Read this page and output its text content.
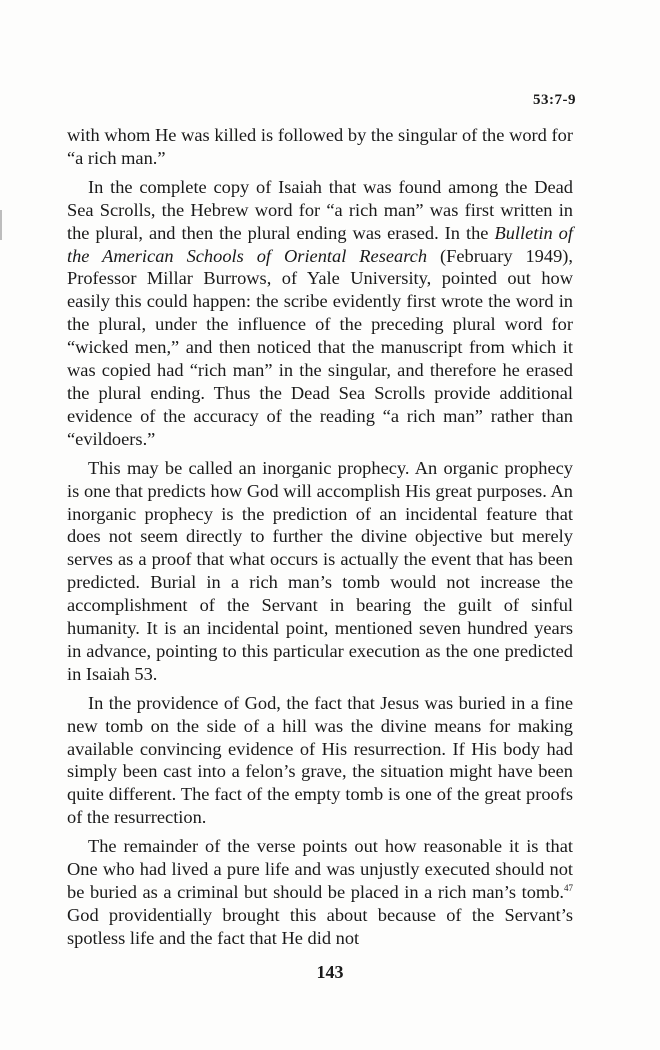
53:7-9

with whom He was killed is followed by the singular of the word for “a rich man.”

In the complete copy of Isaiah that was found among the Dead Sea Scrolls, the Hebrew word for “a rich man” was first written in the plural, and then the plural ending was erased. In the Bulletin of the American Schools of Oriental Research (February 1949), Professor Millar Burrows, of Yale University, pointed out how easily this could happen: the scribe evidently first wrote the word in the plural, under the influence of the preceding plural word for “wicked men,” and then noticed that the manuscript from which it was copied had “rich man” in the singular, and therefore he erased the plural ending. Thus the Dead Sea Scrolls provide additional evidence of the accuracy of the reading “a rich man” rather than “evildoers.”

This may be called an inorganic prophecy. An organic prophecy is one that predicts how God will accomplish His great purposes. An inorganic prophecy is the prediction of an incidental feature that does not seem directly to further the divine objective but merely serves as a proof that what occurs is actually the event that has been predicted. Burial in a rich man’s tomb would not increase the accomplishment of the Servant in bearing the guilt of sinful humanity. It is an incidental point, mentioned seven hundred years in advance, pointing to this particular execution as the one predicted in Isaiah 53.

In the providence of God, the fact that Jesus was buried in a fine new tomb on the side of a hill was the divine means for making available convincing evidence of His resurrection. If His body had simply been cast into a felon’s grave, the situation might have been quite different. The fact of the empty tomb is one of the great proofs of the resurrection.

The remainder of the verse points out how reasonable it is that One who had lived a pure life and was unjustly executed should not be buried as a criminal but should be placed in a rich man’s tomb.$^{47}$ God providentially brought this about because of the Servant’s spotless life and the fact that He did not

143
